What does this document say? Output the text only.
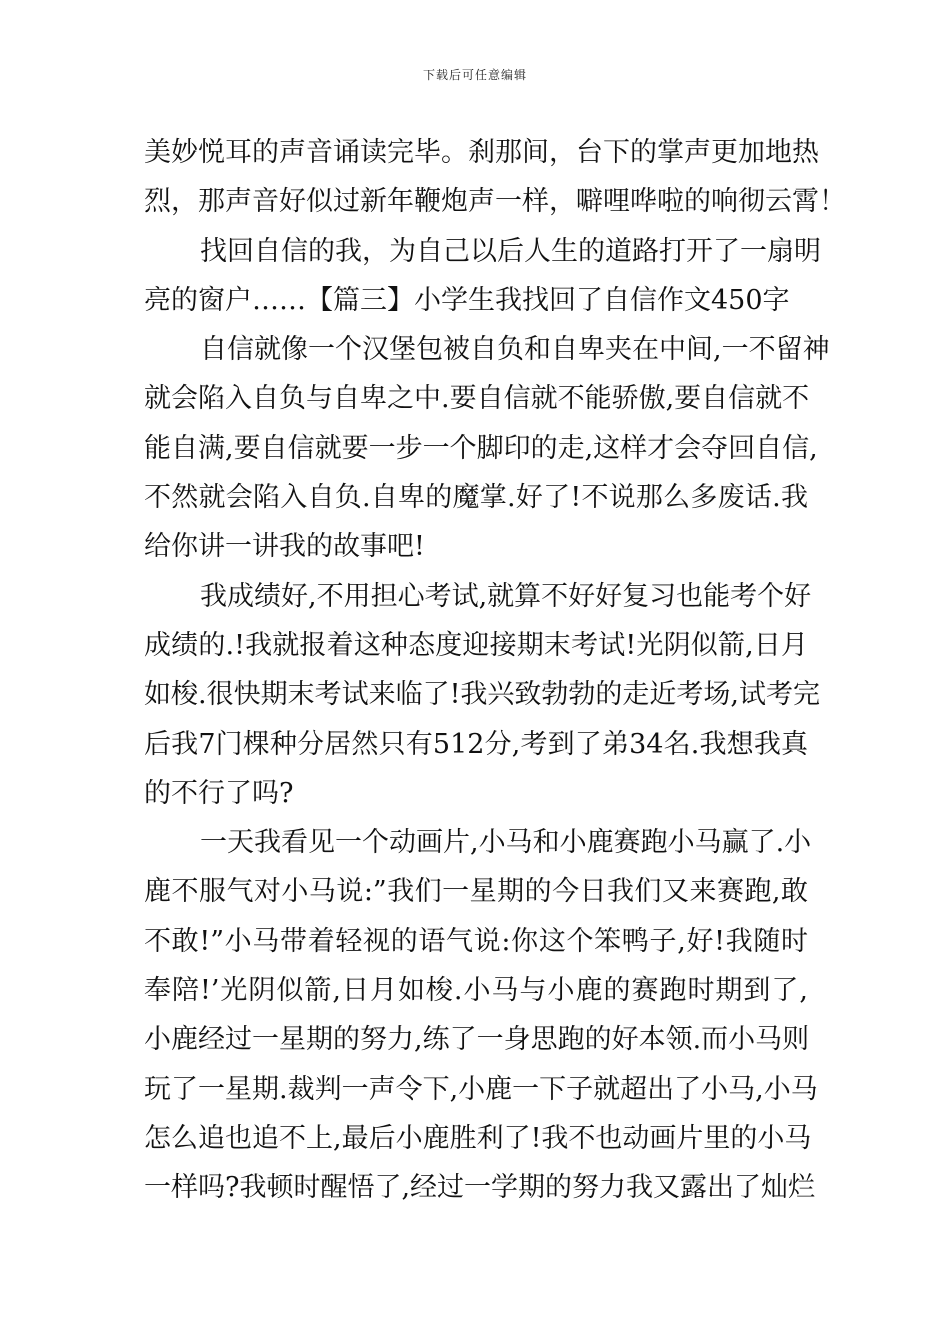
下载后可任意编辑
美妙悦耳的声音诵读完毕。刹那间，台下的掌声更加地热
烈，那声音好似过新年鞭炮声一样，噼哩哗啦的响彻云霄！
找回自信的我，为自己以后人生的道路打开了一扇明
亮的窗户……【篇三】小学生我找回了自信作文450字
自信就像一个汉堡包被自负和自卑夹在中间,一不留神
就会陷入自负与自卑之中.要自信就不能骄傲,要自信就不
能自满,要自信就要一步一个脚印的走,这样才会夺回自信,
不然就会陷入自负.自卑的魔掌.好了!不说那么多废话.我
给你讲一讲我的故事吧!
我成绩好,不用担心考试,就算不好好复习也能考个好
成绩的.!我就报着这种态度迎接期末考试!光阴似箭,日月
如梭.很快期末考试来临了!我兴致勃勃的走近考场,试考完
后我7门棵种分居然只有512分,考到了弟34名.我想我真
的不行了吗?
一天我看见一个动画片,小马和小鹿赛跑小马赢了.小
鹿不服气对小马说:”我们一星期的今日我们又来赛跑,敢
不敢!”小马带着轻视的语气说:你这个笨鸭子,好!我随时
奉陪!’光阴似箭,日月如梭.小马与小鹿的赛跑时期到了,
小鹿经过一星期的努力,练了一身思跑的好本领.而小马则
玩了一星期.裁判一声令下,小鹿一下子就超出了小马,小马
怎么追也追不上,最后小鹿胜利了!我不也动画片里的小马
一样吗?我顿时醒悟了,经过一学期的努力我又露出了灿烂
